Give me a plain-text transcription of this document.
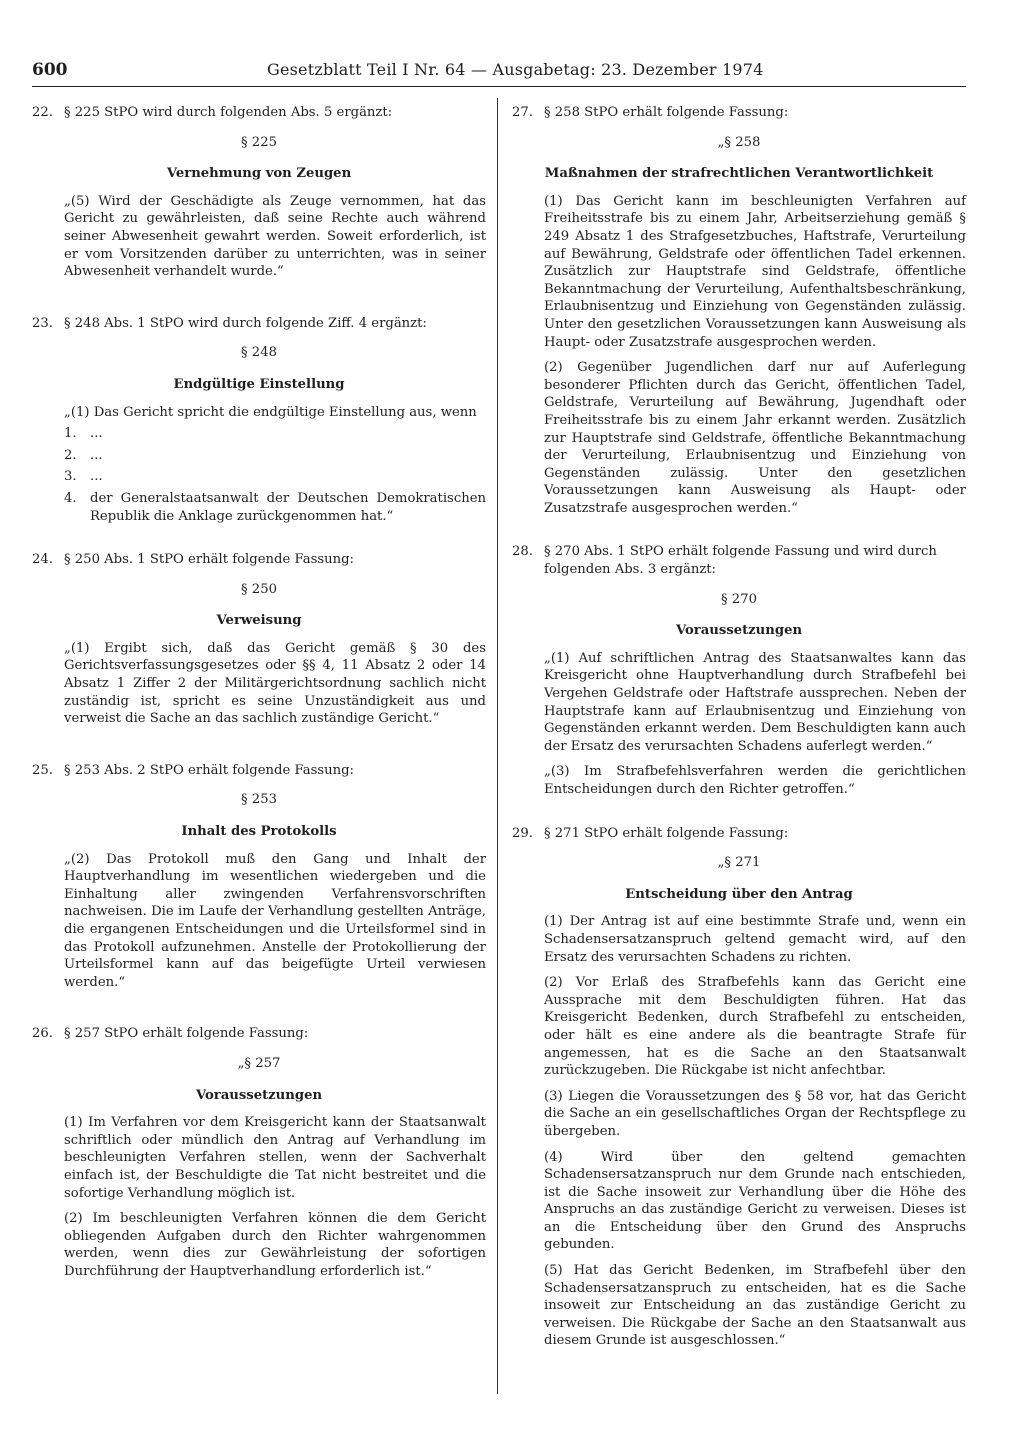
600	Gesetzblatt Teil I Nr. 64 — Ausgabetag: 23. Dezember 1974
22. § 225 StPO wird durch folgenden Abs. 5 ergänzt:
§ 225
Vernehmung von Zeugen

„(5) Wird der Geschädigte als Zeuge vernommen, hat das Gericht zu gewährleisten, daß seine Rechte auch während seiner Abwesenheit gewahrt werden. Soweit erforderlich, ist er vom Vorsitzenden darüber zu unterrichten, was in seiner Abwesenheit verhandelt wurde.“

23. § 248 Abs. 1 StPO wird durch folgende Ziff. 4 ergänzt:
§ 248
Endgültige Einstellung

„(1) Das Gericht spricht die endgültige Einstellung aus, wenn

1.	...
2.	...
3.	...
4.	der Generalstaatsanwalt der Deutschen Demokratischen Republik die Anklage zurückgenommen hat.“
24. § 250 Abs. 1 StPO erhält folgende Fassung:
§ 250
Verweisung

„(1) Ergibt sich, daß das Gericht gemäß § 30 des Gerichtsverfassungsgesetzes oder §§ 4, 11 Absatz 2 oder 14 Absatz 1 Ziffer 2 der Militärgerichtsordnung sachlich nicht zuständig ist, spricht es seine Unzuständigkeit aus und verweist die Sache an das sachlich zuständige Gericht.“

25. § 253 Abs. 2 StPO erhält folgende Fassung:
§ 253
Inhalt des Protokolls

„(2) Das Protokoll muß den Gang und Inhalt der Hauptverhandlung im wesentlichen wiedergeben und die Einhaltung aller zwingenden Verfahrensvorschriften nachweisen. Die im Laufe der Verhandlung gestellten Anträge, die ergangenen Entscheidungen und die Urteilsformel sind in das Protokoll aufzunehmen. Anstelle der Protokollierung der Urteilsformel kann auf das beigefügte Urteil verwiesen werden.“

26. § 257 StPO erhält folgende Fassung:
„§ 257
Voraussetzungen

(1) Im Verfahren vor dem Kreisgericht kann der Staatsanwalt schriftlich oder mündlich den Antrag auf Verhandlung im beschleunigten Verfahren stellen, wenn der Sachverhalt einfach ist, der Beschuldigte die Tat nicht bestreitet und die sofortige Verhandlung möglich ist.

(2) Im beschleunigten Verfahren können die dem Gericht obliegenden Aufgaben durch den Richter wahrgenommen werden, wenn dies zur Gewährleistung der sofortigen Durchführung der Hauptverhandlung erforderlich ist.“

27. § 258 StPO erhält folgende Fassung:
„§ 258
Maßnahmen der strafrechtlichen Verantwortlichkeit

(1) Das Gericht kann im beschleunigten Verfahren auf Freiheitsstrafe bis zu einem Jahr, Arbeitserziehung gemäß § 249 Absatz 1 des Strafgesetzbuches, Haftstrafe, Verurteilung auf Bewährung, Geldstrafe oder öffentlichen Tadel erkennen. Zusätzlich zur Hauptstrafe sind Geldstrafe, öffentliche Bekanntmachung der Verurteilung, Aufenthaltsbeschränkung, Erlaubnisentzug und Einziehung von Gegenständen zulässig. Unter den gesetzlichen Voraussetzungen kann Ausweisung als Haupt- oder Zusatzstrafe ausgesprochen werden.

(2) Gegenüber Jugendlichen darf nur auf Auferlegung besonderer Pflichten durch das Gericht, öffentlichen Tadel, Geldstrafe, Verurteilung auf Bewährung, Jugendhaft oder Freiheitsstrafe bis zu einem Jahr erkannt werden. Zusätzlich zur Hauptstrafe sind Geldstrafe, öffentliche Bekanntmachung der Verurteilung, Erlaubnisentzug und Einziehung von Gegenständen zulässig. Unter den gesetzlichen Voraussetzungen kann Ausweisung als Haupt- oder Zusatzstrafe ausgesprochen werden.“

28. § 270 Abs. 1 StPO erhält folgende Fassung und wird durch folgenden Abs. 3 ergänzt:
§ 270
Voraussetzungen

„(1) Auf schriftlichen Antrag des Staatsanwaltes kann das Kreisgericht ohne Hauptverhandlung durch Strafbefehl bei Vergehen Geldstrafe oder Haftstrafe aussprechen. Neben der Hauptstrafe kann auf Erlaubnisentzug und Einziehung von Gegenständen erkannt werden. Dem Beschuldigten kann auch der Ersatz des verursachten Schadens auferlegt werden.“

„(3) Im Strafbefehlsverfahren werden die gerichtlichen Entscheidungen durch den Richter getroffen.“

29. § 271 StPO erhält folgende Fassung:
„§ 271
Entscheidung über den Antrag

(1) Der Antrag ist auf eine bestimmte Strafe und, wenn ein Schadensersatzanspruch geltend gemacht wird, auf den Ersatz des verursachten Schadens zu richten.

(2) Vor Erlaß des Strafbefehls kann das Gericht eine Aussprache mit dem Beschuldigten führen. Hat das Kreisgericht Bedenken, durch Strafbefehl zu entscheiden, oder hält es eine andere als die beantragte Strafe für angemessen, hat es die Sache an den Staatsanwalt zurückzugeben. Die Rückgabe ist nicht anfechtbar.

(3) Liegen die Voraussetzungen des § 58 vor, hat das Gericht die Sache an ein gesellschaftliches Organ der Rechtspflege zu übergeben.

(4) Wird über den geltend gemachten Schadensersatzanspruch nur dem Grunde nach entschieden, ist die Sache insoweit zur Verhandlung über die Höhe des Anspruchs an das zuständige Gericht zu verweisen. Dieses ist an die Entscheidung über den Grund des Anspruchs gebunden.

(5) Hat das Gericht Bedenken, im Strafbefehl über den Schadensersatzanspruch zu entscheiden, hat es die Sache insoweit zur Entscheidung an das zuständige Gericht zu verweisen. Die Rückgabe der Sache an den Staatsanwalt aus diesem Grunde ist ausgeschlossen.“
